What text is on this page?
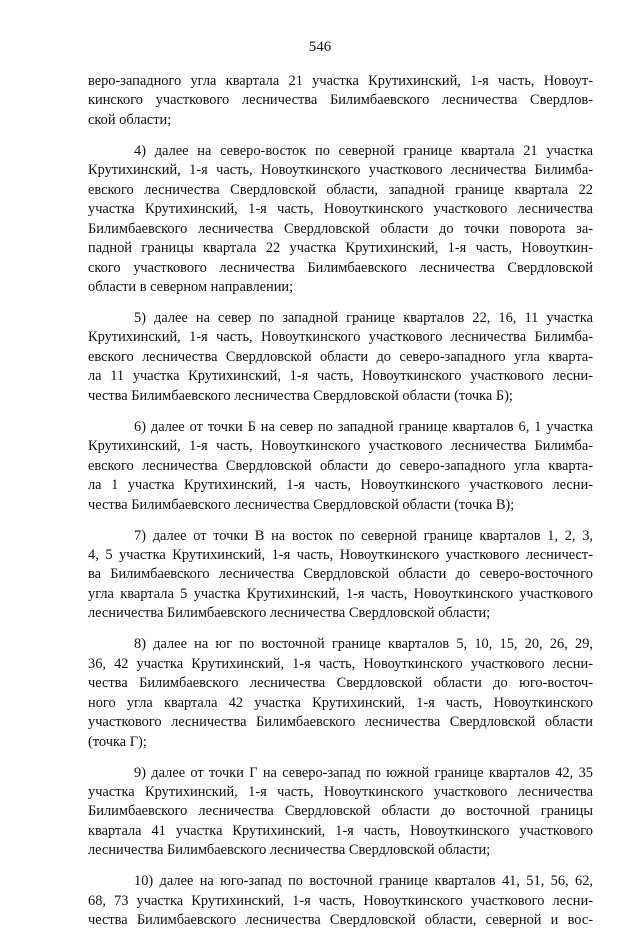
546
веро-западного угла квартала 21 участка Крутихинский, 1-я часть, Новоут-
кинского участкового лесничества Билимбаевского лесничества Свердлов-
ской области;
4) далее на северо-восток по северной границе квартала 21 участка
Крутихинский, 1-я часть, Новоуткинского участкового лесничества Билимба-
евского лесничества Свердловской области, западной границе квартала 22
участка Крутихинский, 1-я часть, Новоуткинского участкового лесничества
Билимбаевского лесничества Свердловской области до точки поворота за-
падной границы квартала 22 участка Крутихинский, 1-я часть, Новоуткин-
ского участкового лесничества Билимбаевского лесничества Свердловской
области в северном направлении;
5) далее на север по западной границе кварталов 22, 16, 11 участка
Крутихинский, 1-я часть, Новоуткинского участкового лесничества Билимба-
евского лесничества Свердловской области до северо-западного угла кварта-
ла 11 участка Крутихинский, 1-я часть, Новоуткинского участкового лесни-
чества Билимбаевского лесничества Свердловской области (точка Б);
6) далее от точки Б на север по западной границе кварталов 6, 1 участка
Крутихинский, 1-я часть, Новоуткинского участкового лесничества Билимба-
евского лесничества Свердловской области до северо-западного угла кварта-
ла 1 участка Крутихинский, 1-я часть, Новоуткинского участкового лесни-
чества Билимбаевского лесничества Свердловской области (точка В);
7) далее от точки В на восток по северной границе кварталов 1, 2, 3,
4, 5 участка Крутихинский, 1-я часть, Новоуткинского участкового лесничест-
ва Билимбаевского лесничества Свердловской области до северо-восточного
угла квартала 5 участка Крутихинский, 1-я часть, Новоуткинского участкового
лесничества Билимбаевского лесничества Свердловской области;
8) далее на юг по восточной границе кварталов 5, 10, 15, 20, 26, 29,
36, 42 участка Крутихинский, 1-я часть, Новоуткинского участкового лесни-
чества Билимбаевского лесничества Свердловской области до юго-восточ-
ного угла квартала 42 участка Крутихинский, 1-я часть, Новоуткинского
участкового лесничества Билимбаевского лесничества Свердловской области
(точка Г);
9) далее от точки Г на северо-запад по южной границе кварталов 42, 35
участка Крутихинский, 1-я часть, Новоуткинского участкового лесничества
Билимбаевского лесничества Свердловской области до восточной границы
квартала 41 участка Крутихинский, 1-я часть, Новоуткинского участкового
лесничества Билимбаевского лесничества Свердловской области;
10) далее на юго-запад по восточной границе кварталов 41, 51, 56, 62,
68, 73 участка Крутихинский, 1-я часть, Новоуткинского участкового лесни-
чества Билимбаевского лесничества Свердловской области, северной и вос-
